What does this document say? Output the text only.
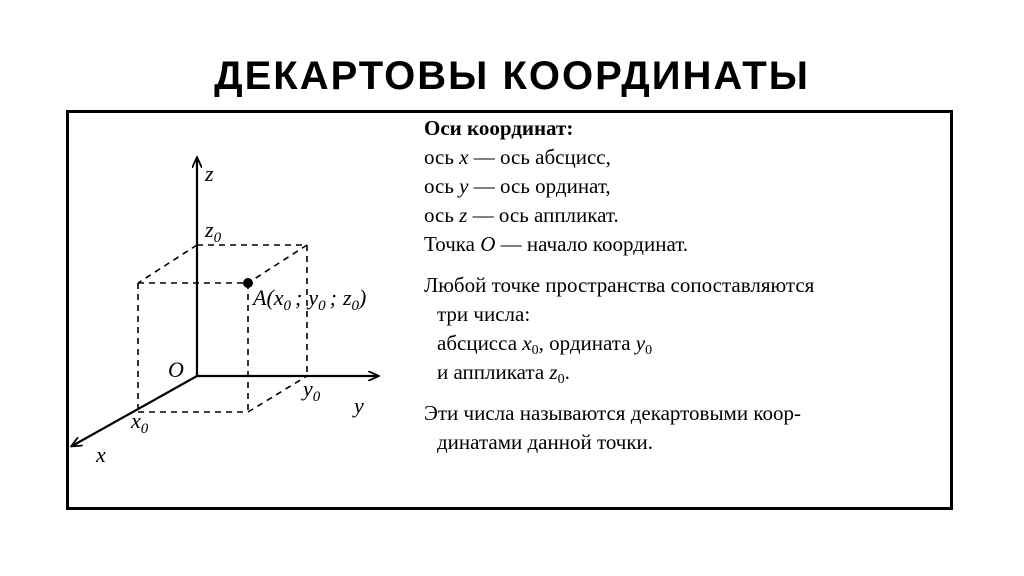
ДЕКАРТОВЫ КООРДИНАТЫ
z
y
x
O
$z_0$
$y_0$
$x_0$
$A(x_0$ ; $y_0$ ; $z_0$)
Оси координат:
ось x — ось абсцисс,
ось y — ось ординат,
ось z — ось аппликат.
Точка O — начало координат.
Любой точке пространства сопоставляются
три числа:
абсцисса $x_0$, ордината $y_0$
и аппликата $z_0$.
Эти числа называются декартовыми коор-
динатами данной точки.
